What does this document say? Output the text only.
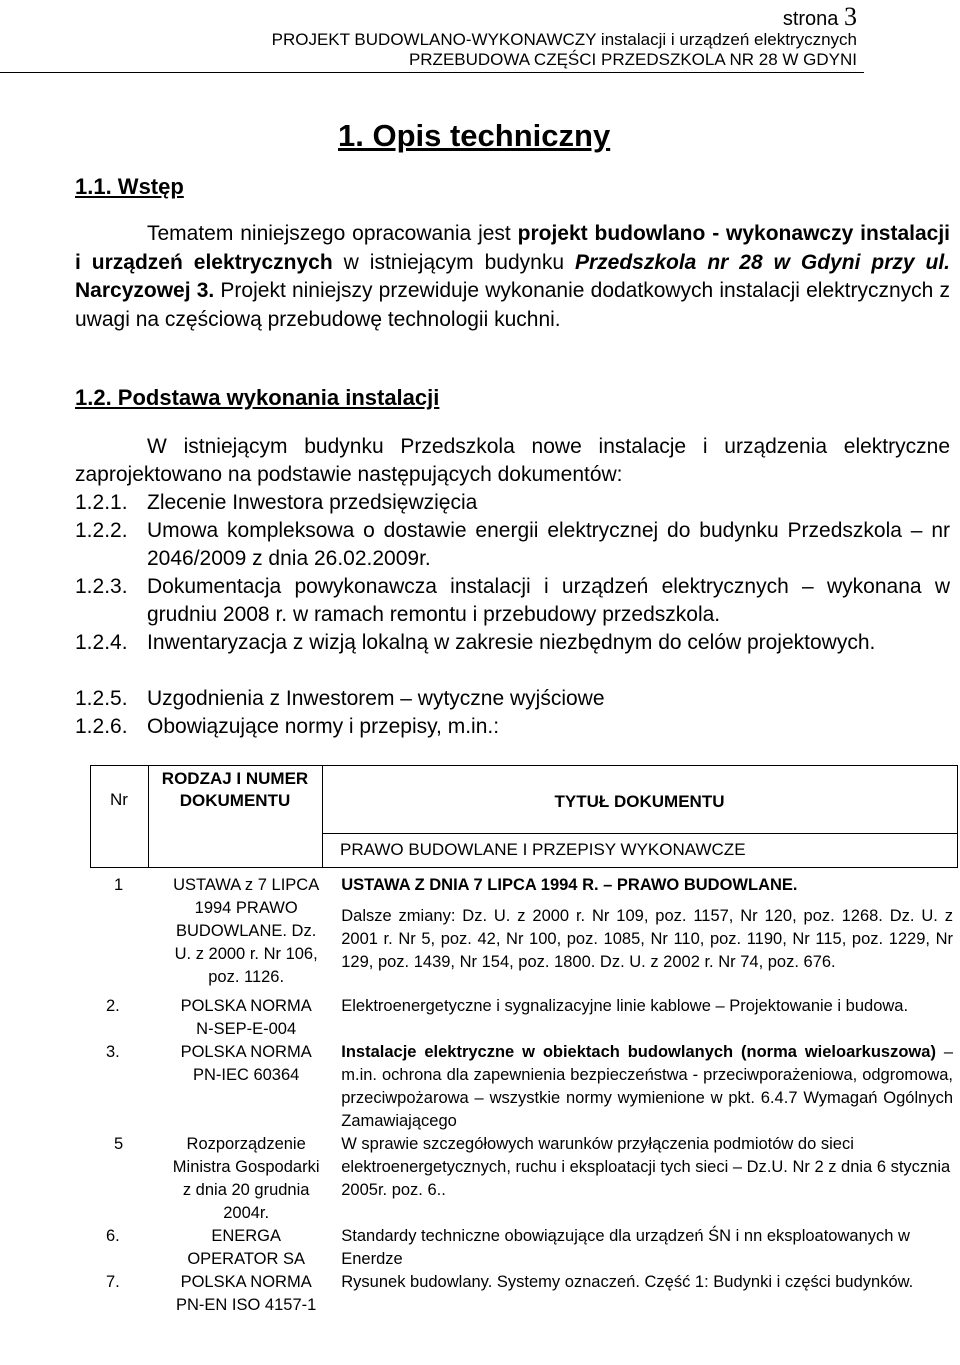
strona 3
PROJEKT BUDOWLANO-WYKONAWCZY instalacji i urządzeń elektrycznych
PRZEBUDOWA CZĘŚCI PRZEDSZKOLA NR 28 W GDYNI
1. Opis techniczny
1.1. Wstęp
Tematem niniejszego opracowania jest projekt budowlano - wykonawczy instalacji i urządzeń elektrycznych w istniejącym budynku Przedszkola nr 28 w Gdyni przy ul. Narcyzowej 3. Projekt niniejszy przewiduje wykonanie dodatkowych instalacji elektrycznych z uwagi na częściową przebudowę technologii kuchni.
1.2. Podstawa wykonania instalacji
W istniejącym budynku Przedszkola nowe instalacje i urządzenia elektryczne zaprojektowano na podstawie następujących dokumentów:
1.2.1. Zlecenie Inwestora przedsięwzięcia
1.2.2. Umowa kompleksowa o dostawie energii elektrycznej do budynku Przedszkola – nr 2046/2009 z dnia 26.02.2009r.
1.2.3. Dokumentacja powykonawcza instalacji i urządzeń elektrycznych – wykonana w grudniu 2008 r. w ramach remontu i przebudowy przedszkola.
1.2.4. Inwentaryzacja z wizją lokalną w zakresie niezbędnym do celów projektowych.
1.2.5. Uzgodnienia z Inwestorem – wytyczne wyjściowe
1.2.6. Obowiązujące normy i przepisy, m.in.:
Nr
RODZAJ I NUMER DOKUMENTU	TYTUŁ DOKUMENTU
PRAWO BUDOWLANE I PRZEPISY WYKONAWCZE
1	USTAWA z 7 LIPCA 1994 PRAWO BUDOWLANE. Dz. U. z 2000 r. Nr 106, poz. 1126.	USTAWA Z DNIA 7 LIPCA 1994 R. – PRAWO BUDOWLANE.

Dalsze zmiany: Dz. U. z 2000 r. Nr 109, poz. 1157, Nr 120, poz. 1268. Dz. U. z 2001 r. Nr 5, poz. 42, Nr 100, poz. 1085, Nr 110, poz. 1190, Nr 115, poz. 1229, Nr 129, poz. 1439, Nr 154, poz. 1800. Dz. U. z 2002 r. Nr 74, poz. 676.

2.	POLSKA NORMA N-SEP-E-004	Elektroenergetyczne i sygnalizacyjne linie kablowe – Projektowanie i budowa.
3.	POLSKA NORMA PN-IEC 60364	Instalacje elektryczne w obiektach budowlanych (norma wieloarkuszowa) – m.in. ochrona dla zapewnienia bezpieczeństwa - przeciwporażeniowa, odgromowa, przeciwpożarowa – wszystkie normy wymienione w pkt. 6.4.7 Wymagań Ogólnych Zamawiającego
5	Rozporządzenie Ministra Gospodarki z dnia 20 grudnia 2004r.	W sprawie szczegółowych warunków przyłączenia podmiotów do sieci elektroenergetycznych, ruchu i eksploatacji tych sieci – Dz.U. Nr 2 z dnia 6 stycznia 2005r. poz. 6..
6.	ENERGA OPERATOR SA	Standardy techniczne obowiązujące dla urządzeń ŚN i nn eksploatowanych w Enerdze
7.	POLSKA NORMA PN-EN ISO 4157-1	Rysunek budowlany. Systemy oznaczeń. Część 1: Budynki i części budynków.
